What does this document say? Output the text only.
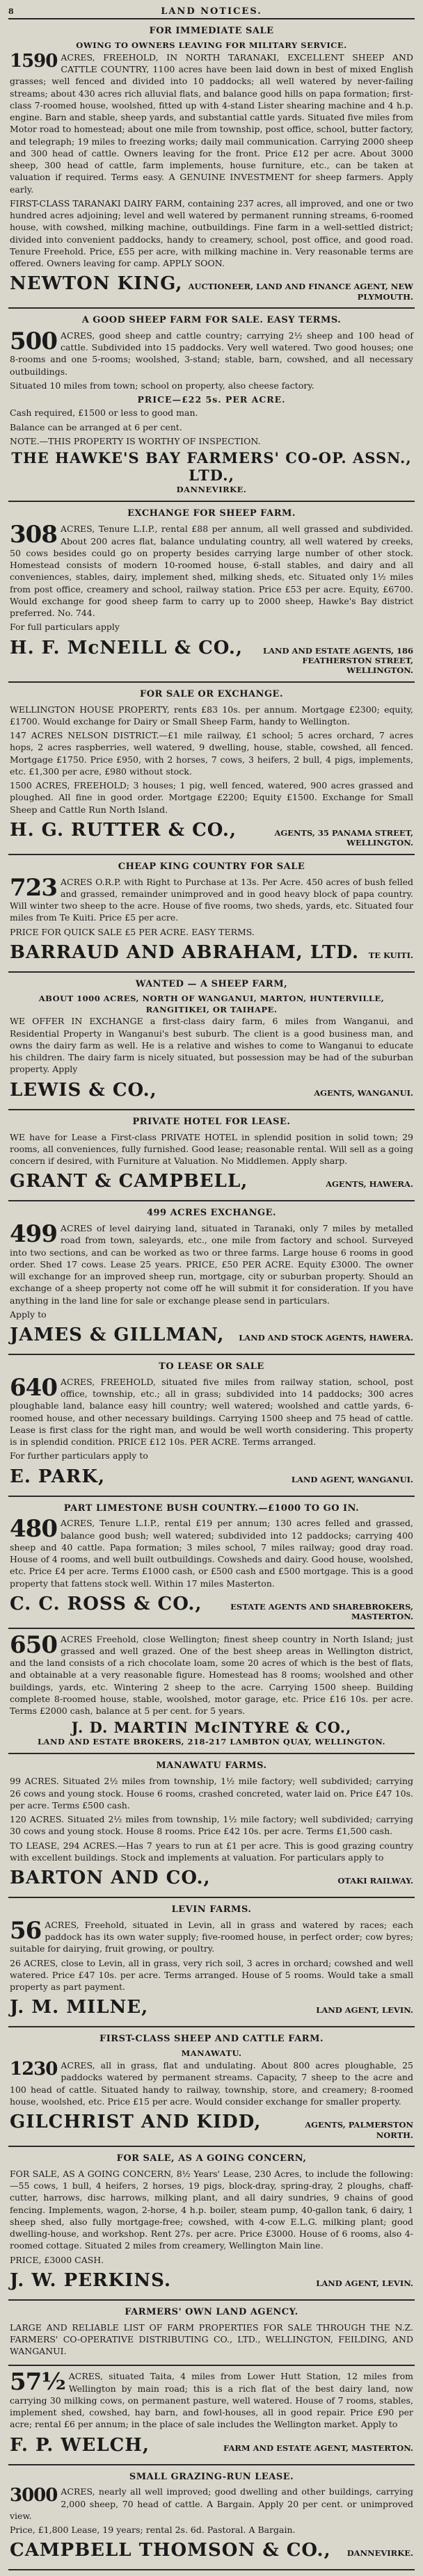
8	LAND NOTICES.
FOR IMMEDIATE SALE
OWING TO OWNERS LEAVING FOR MILITARY SERVICE.
1590 ACRES, FREEHOLD, IN NORTH TARANAKI, EXCELLENT SHEEP AND CATTLE COUNTRY, 1100 acres have been laid down in best of mixed English grasses; well fenced and divided into 10 paddocks; all well watered by never-failing streams; about 430 acres rich alluvial flats, and balance good hills on papa formation; first-class 7-roomed house, woolshed, fitted up with 4-stand Lister shearing machine and 4 h.p. engine. Barn and stable, sheep yards, and substantial cattle yards. Situated five miles from Motor road to homestead; about one mile from township, post office, school, butter factory, and telegraph; 19 miles to freezing works; daily mail communication. Carrying 2000 sheep and 300 head of cattle. Owners leaving for the front. Price £12 per acre. About 3000 sheep, 300 head of cattle, farm implements, house furniture, etc., can be taken at valuation if required. Terms easy. A GENUINE INVESTMENT for sheep farmers. Apply early.
FIRST-CLASS TARANAKI DAIRY FARM, containing 237 acres, all improved, and one or two hundred acres adjoining; level and well watered by permanent running streams, 6-roomed house, with cowshed, milking machine, outbuildings. Fine farm in a well-settled district; divided into convenient paddocks, handy to creamery, school, post office, and good road. Tenure Freehold. Price, £55 per acre, with milking machine in. Very reasonable terms are offered. Owners leaving for camp. APPLY SOON.
NEWTON KING, AUCTIONEER, LAND AND FINANCE AGENT, NEW PLYMOUTH.
A GOOD SHEEP FARM FOR SALE. EASY TERMS.
500 ACRES, good sheep and cattle country; carrying 2½ sheep and 100 head of cattle. Subdivided into 15 paddocks. Very well watered. Two good houses; one 8-rooms and one 5-rooms; woolshed, 3-stand; stable, barn, cowshed, and all necessary outbuildings.
Situated 10 miles from town; school on property, also cheese factory.
PRICE—£22 5s. PER ACRE.
Cash required, £1500 or less to good man.
Balance can be arranged at 6 per cent.
NOTE.—THIS PROPERTY IS WORTHY OF INSPECTION.
THE HAWKE'S BAY FARMERS' CO-OP. ASSN., LTD.,
DANNEVIRKE.
EXCHANGE FOR SHEEP FARM.
308 ACRES, Tenure L.I.P., rental £88 per annum, all well grassed and subdivided. About 200 acres flat, balance undulating country, all well watered by creeks, 50 cows besides could go on property besides carrying large number of other stock. Homestead consists of modern 10-roomed house, 6-stall stables, and dairy and all conveniences, stables, dairy, implement shed, milking sheds, etc. Situated only 1½ miles from post office, creamery and school, railway station. Price £53 per acre. Equity, £6700. Would exchange for good sheep farm to carry up to 2000 sheep, Hawke's Bay district preferred. No. 744.
For full particulars apply
H. F. McNEILL & CO.,	LAND AND ESTATE AGENTS, 186 FEATHERSTON STREET, WELLINGTON.
FOR SALE OR EXCHANGE.
WELLINGTON HOUSE PROPERTY, rents £83 10s. per annum. Mortgage £2300; equity, £1700. Would exchange for Dairy or Small Sheep Farm, handy to Wellington.
147 ACRES NELSON DISTRICT.—£1 mile railway, £1 school; 5 acres orchard, 7 acres hops, 2 acres raspberries, well watered, 9 dwelling, house, stable, cowshed, all fenced. Mortgage £1750. Price £950, with 2 horses, 7 cows, 3 heifers, 2 bull, 4 pigs, implements, etc. £1,300 per acre, £980 without stock.
1500 ACRES, FREEHOLD; 3 houses; 1 pig, well fenced, watered, 900 acres grassed and ploughed. All fine in good order. Mortgage £2200; Equity £1500. Exchange for Small Sheep and Cattle Run North Island.
H. G. RUTTER & CO.,	AGENTS, 35 PANAMA STREET, WELLINGTON.
CHEAP KING COUNTRY FOR SALE
723 ACRES O.R.P. with Right to Purchase at 13s. Per Acre. 450 acres of bush felled and grassed, remainder unimproved and in good heavy block of papa country. Will winter two sheep to the acre. House of five rooms, two sheds, yards, etc. Situated four miles from Te Kuiti. Price £5 per acre.
PRICE FOR QUICK SALE £5 PER ACRE. EASY TERMS.
BARRAUD AND ABRAHAM, LTD. TE KUITI.
WANTED — A SHEEP FARM,
ABOUT 1000 ACRES, NORTH OF WANGANUI, MARTON, HUNTERVILLE, RANGITIKEI, OR TAIHAPE.
WE OFFER IN EXCHANGE a first-class dairy farm, 6 miles from Wanganui, and Residential Property in Wanganui's best suburb. The client is a good business man, and owns the dairy farm as well. He is a relative and wishes to come to Wanganui to educate his children. The dairy farm is nicely situated, but possession may be had of the suburban property. Apply
LEWIS & CO.,	AGENTS, WANGANUI.
PRIVATE HOTEL FOR LEASE.
WE have for Lease a First-class PRIVATE HOTEL in splendid position in solid town; 29 rooms, all conveniences, fully furnished. Good lease; reasonable rental. Will sell as a going concern if desired, with Furniture at Valuation. No Middlemen. Apply sharp.
GRANT & CAMPBELL,	AGENTS, HAWERA.
499 ACRES EXCHANGE.
499 ACRES of level dairying land, situated in Taranaki, only 7 miles by metalled road from town, saleyards, etc., one mile from factory and school. Surveyed into two sections, and can be worked as two or three farms. Large house 6 rooms in good order. Shed 17 cows. Lease 25 years. PRICE, £50 PER ACRE. Equity £3000. The owner will exchange for an improved sheep run, mortgage, city or suburban property. Should an exchange of a sheep property not come off he will submit it for consideration. If you have anything in the land line for sale or exchange please send in particulars.
Apply to
JAMES & GILLMAN, LAND AND STOCK AGENTS, HAWERA.
TO LEASE OR SALE
640 ACRES, FREEHOLD, situated five miles from railway station, school, post office, township, etc.; all in grass; subdivided into 14 paddocks; 300 acres ploughable land, balance easy hill country; well watered; woolshed and cattle yards, 6-roomed house, and other necessary buildings. Carrying 1500 sheep and 75 head of cattle. Lease is first class for the right man, and would be well worth considering. This property is in splendid condition. PRICE £12 10s. PER ACRE. Terms arranged.
For further particulars apply to
E. PARK,	LAND AGENT, WANGANUI.
PART LIMESTONE BUSH COUNTRY.—£1000 TO GO IN.
480 ACRES, Tenure L.I.P., rental £19 per annum; 130 acres felled and grassed, balance good bush; well watered; subdivided into 12 paddocks; carrying 400 sheep and 40 cattle. Papa formation; 3 miles school, 7 miles railway; good dray road. House of 4 rooms, and well built outbuildings. Cowsheds and dairy. Good house, woolshed, etc. Price £4 per acre. Terms £1000 cash, or £500 cash and £500 mortgage. This is a good property that fattens stock well. Within 17 miles Masterton.
C. C. ROSS & CO.,	ESTATE AGENTS AND SHAREBROKERS, MASTERTON.
650 ACRES Freehold, close Wellington; finest sheep country in North Island; just grassed and well grazed. One of the best sheep areas in Wellington district, and the land consists of a rich chocolate loam, some 20 acres of which is the best of flats, and obtainable at a very reasonable figure. Homestead has 8 rooms; woolshed and other buildings, yards, etc. Wintering 2 sheep to the acre. Carrying 1500 sheep. Building complete 8-roomed house, stable, woolshed, motor garage, etc. Price £16 10s. per acre. Terms £2000 cash, balance at 5 per cent. for 5 years.
J. D. MARTIN McINTYRE & CO.,
LAND AND ESTATE BROKERS, 218-217 LAMBTON QUAY, WELLINGTON.
MANAWATU FARMS.
99 ACRES. Situated 2½ miles from township, 1½ mile factory; well subdivided; carrying 26 cows and young stock. House 6 rooms, crashed concreted, water laid on. Price £47 10s. per acre. Terms £500 cash.
120 ACRES. Situated 2½ miles from township, 1½ mile factory; well subdivided; carrying 30 cows and young stock. House 8 rooms. Price £42 10s. per acre. Terms £1,500 cash.
TO LEASE, 294 ACRES.—Has 7 years to run at £1 per acre. This is good grazing country with excellent buildings. Stock and implements at valuation. For particulars apply to
BARTON AND CO.,	OTAKI RAILWAY.
LEVIN FARMS.
56 ACRES, Freehold, situated in Levin, all in grass and watered by races; each paddock has its own water supply; five-roomed house, in perfect order; cow byres; suitable for dairying, fruit growing, or poultry.
26 ACRES, close to Levin, all in grass, very rich soil, 3 acres in orchard; cowshed and well watered. Price £47 10s. per acre. Terms arranged. House of 5 rooms. Would take a small property as part payment.
J. M. MILNE,	LAND AGENT, LEVIN.
FIRST-CLASS SHEEP AND CATTLE FARM.
MANAWATU.
1230 ACRES, all in grass, flat and undulating. About 800 acres ploughable, 25 paddocks watered by permanent streams. Capacity, 7 sheep to the acre and 100 head of cattle. Situated handy to railway, township, store, and creamery; 8-roomed house, woolshed, etc. Price £15 per acre. Would consider exchange for smaller property.
GILCHRIST AND KIDD,	AGENTS, PALMERSTON NORTH.
FOR SALE, AS A GOING CONCERN,
FOR SALE, AS A GOING CONCERN, 8½ Years' Lease, 230 Acres, to include the following:—55 cows, 1 bull, 4 heifers, 2 horses, 19 pigs, block-dray, spring-dray, 2 ploughs, chaff-cutter, harrows, disc harrows, milking plant, and all dairy sundries, 9 chains of good fencing. Implements, wagon, 2-horse, 4 h.p. boiler, steam pump, 40-gallon tank, 6 dairy, 1 sheep shed, also fully mortgage-free; cowshed, with 4-cow E.L.G. milking plant; good dwelling-house, and workshop. Rent 27s. per acre. Price £3000. House of 6 rooms, also 4-roomed cottage. Situated 2 miles from creamery, Wellington Main line.
PRICE, £3000 CASH.
J. W. PERKINS.	LAND AGENT, LEVIN.
FARMERS' OWN LAND AGENCY.
LARGE AND RELIABLE LIST OF FARM PROPERTIES FOR SALE THROUGH THE N.Z. FARMERS' CO-OPERATIVE DISTRIBUTING CO., LTD., WELLINGTON, FEILDING, AND WANGANUI.
57½ ACRES, situated Taita, 4 miles from Lower Hutt Station, 12 miles from Wellington by main road; this is a rich flat of the best dairy land, now carrying 30 milking cows, on permanent pasture, well watered. House of 7 rooms, stables, implement shed, cowshed, hay barn, and fowl-houses, all in good repair. Price £90 per acre; rental £6 per annum; in the place of sale includes the Wellington market. Apply to
F. P. WELCH,	FARM AND ESTATE AGENT, MASTERTON.
SMALL GRAZING-RUN LEASE.
3000 ACRES, nearly all well improved; good dwelling and other buildings, carrying 2,000 sheep, 70 head of cattle. A Bargain. Apply 20 per cent. or unimproved view.
Price, £1,800 Lease, 19 years; rental 2s. 6d. Pastoral. A Bargain.
CAMPBELL THOMSON & CO., DANNEVIRKE.
